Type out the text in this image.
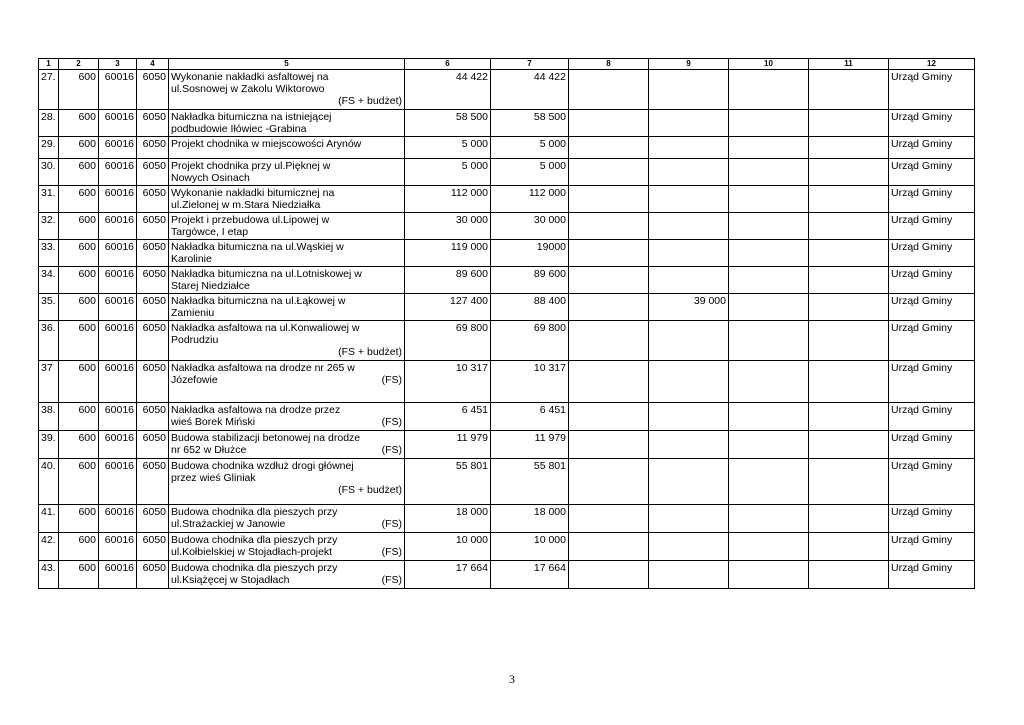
1	2	3	4	5	6	7	8	9	10	11	12
27.	600	60016	6050	Wykonanie nakładki asfaltowej na
ul.Sosnowej w Zakolu Wiktorowo
(FS + budżet)	44 422	44 422					Urząd Gminy
28.	600	60016	6050	Nakładka bitumiczna na istniejącej
podbudowie Iłówiec -Grabina	58 500	58 500					Urząd Gminy
29.	600	60016	6050	Projekt chodnika w miejscowości Arynów	5 000	5 000					Urząd Gminy
30.	600	60016	6050	Projekt chodnika przy ul.Pięknej w
Nowych Osinach	5 000	5 000					Urząd Gminy
31.	600	60016	6050	Wykonanie nakładki bitumicznej na
ul.Zielonej w m.Stara Niedziałka	112 000	112 000					Urząd Gminy
32.	600	60016	6050	Projekt i przebudowa ul.Lipowej w
Targówce, I etap	30 000	30 000					Urząd Gminy
33.	600	60016	6050	Nakładka bitumiczna na ul.Wąskiej w
Karolinie	119 000	19000					Urząd Gminy
34.	600	60016	6050	Nakładka bitumiczna na ul.Lotniskowej w
Starej Niedziałce	89 600	89 600					Urząd Gminy
35.	600	60016	6050	Nakładka bitumiczna na ul.Łąkowej w
Zamieniu	127 400	88 400		39 000			Urząd Gminy
36.	600	60016	6050	Nakładka asfaltowa na ul.Konwaliowej w
Podrudziu
(FS + budżet)	69 800	69 800					Urząd Gminy
37	600	60016	6050	Nakładka asfaltowa na drodze nr 265 w
Józefowie (FS)	10 317	10 317					Urząd Gminy
38.	600	60016	6050	Nakładka asfaltowa na drodze przez
wieś Borek Miński (FS)	6 451	6 451					Urząd Gminy
39.	600	60016	6050	Budowa stabilizacji betonowej na drodze
nr 652 w Dłużce (FS)	11 979	11 979					Urząd Gminy
40.	600	60016	6050	Budowa chodnika wzdłuż drogi głównej
przez wieś Gliniak
(FS + budżet)	55 801	55 801					Urząd Gminy
41.	600	60016	6050	Budowa chodnika dla pieszych przy
ul.Strażackiej w Janowie (FS)	18 000	18 000					Urząd Gminy
42.	600	60016	6050	Budowa chodnika dla pieszych przy
ul.Kołbielskiej w Stojadłach-projekt (FS)	10 000	10 000					Urząd Gminy
43.	600	60016	6050	Budowa chodnika dla pieszych przy
ul.Książęcej w Stojadłach (FS)	17 664	17 664					Urząd Gminy
3
